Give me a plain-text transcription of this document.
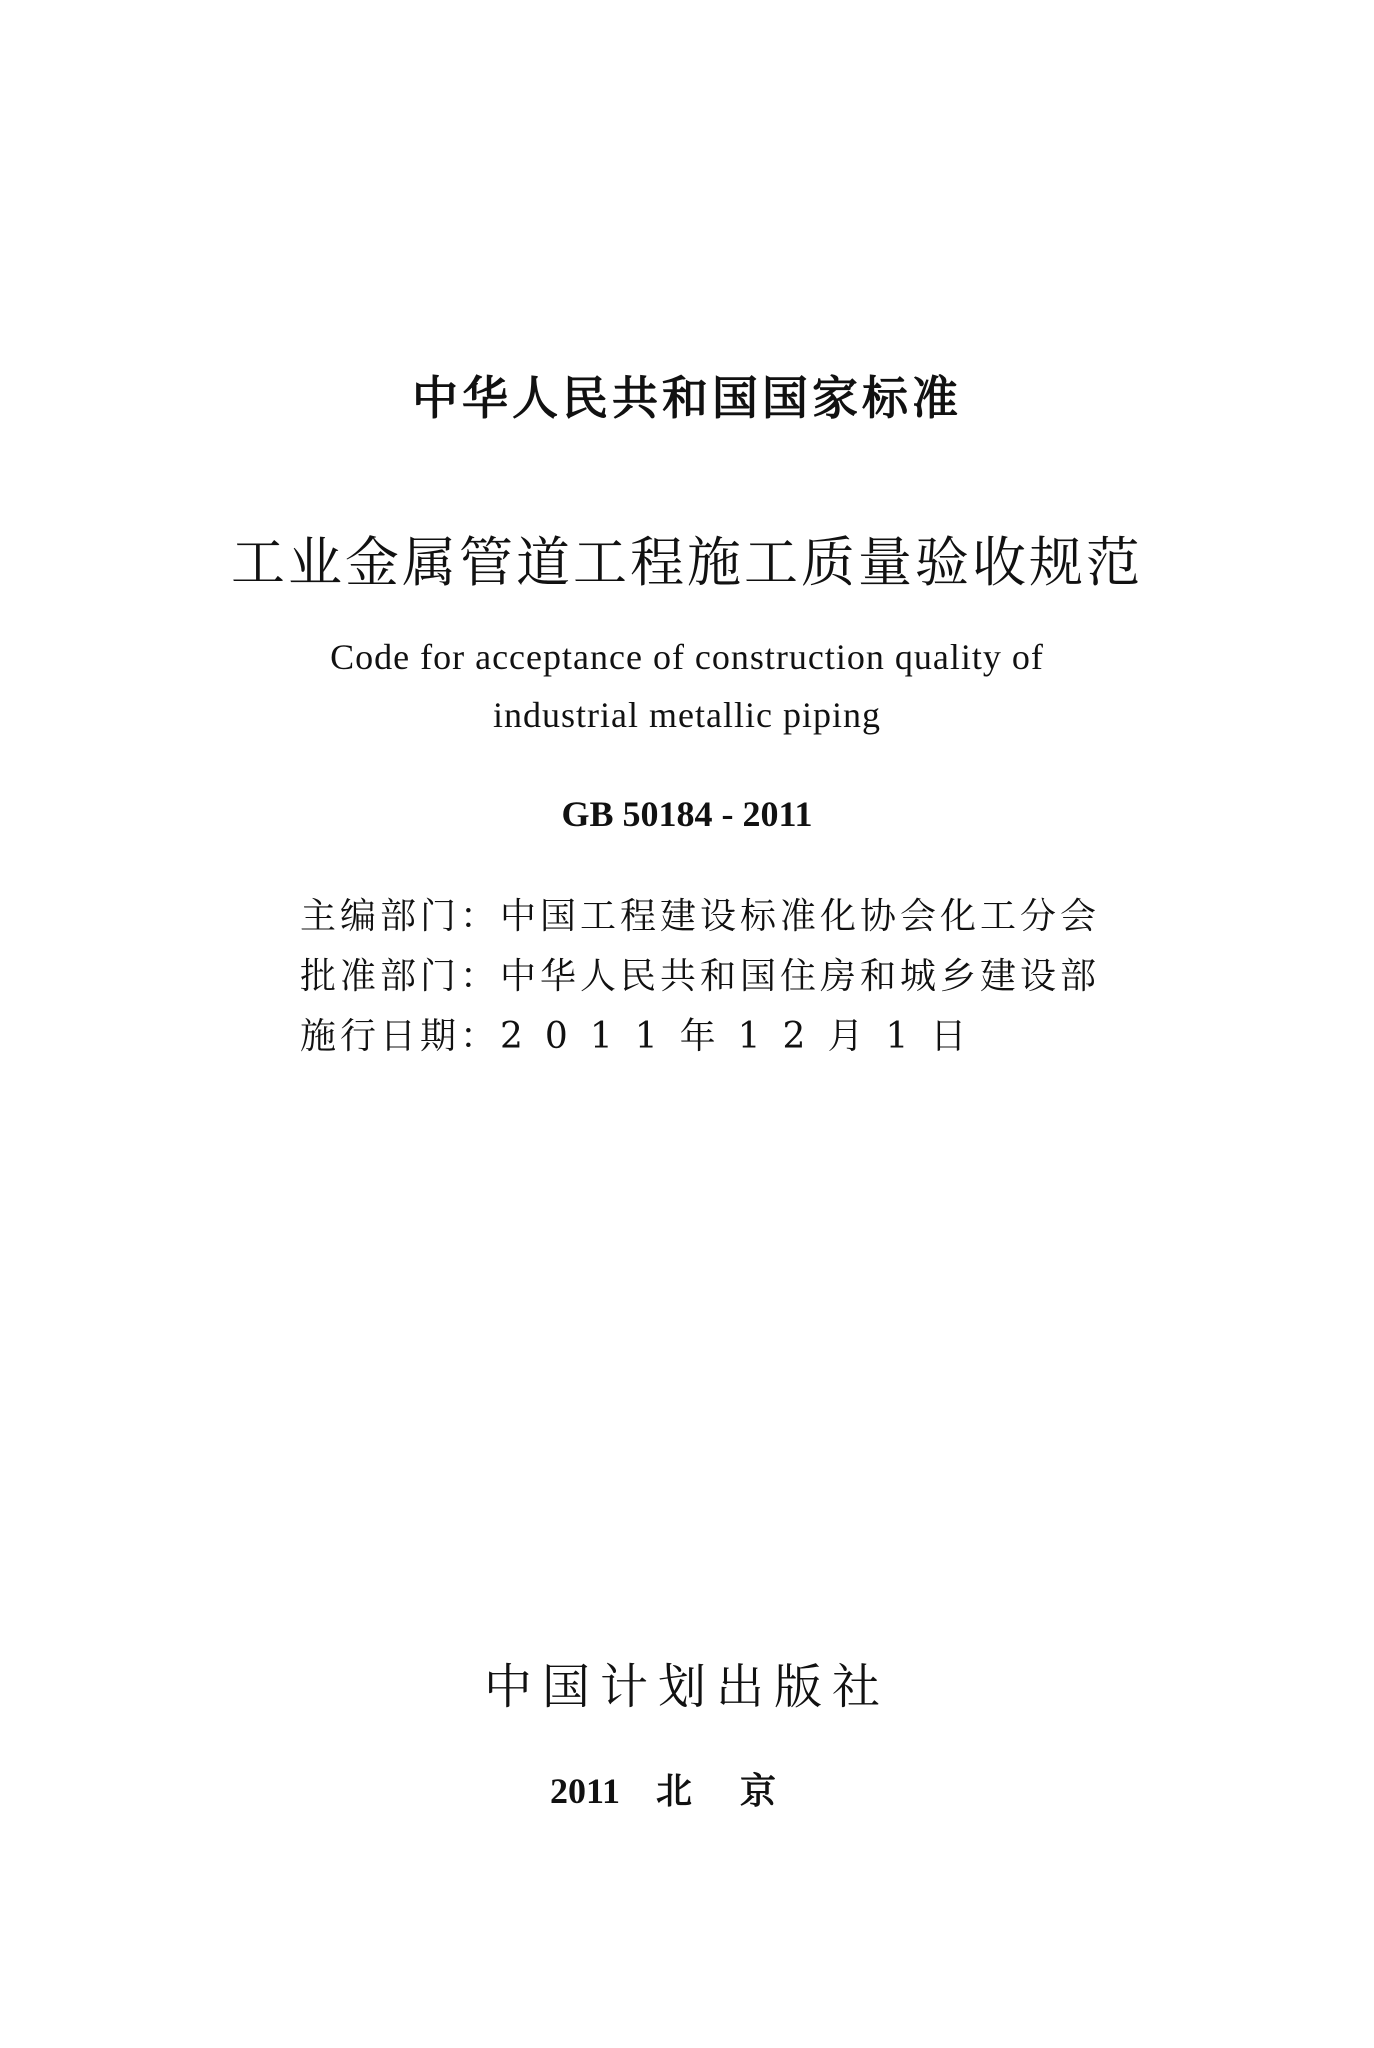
中华人民共和国国家标准

工业金属管道工程施工质量验收规范

Code for acceptance of construction quality of

industrial metallic piping

GB 50184 - 2011

主编部门：中国工程建设标准化协会化工分会

批准部门：中华人民共和国住房和城乡建设部

施行日期：2011年12月1日

中国计划出版社

2011 北京
